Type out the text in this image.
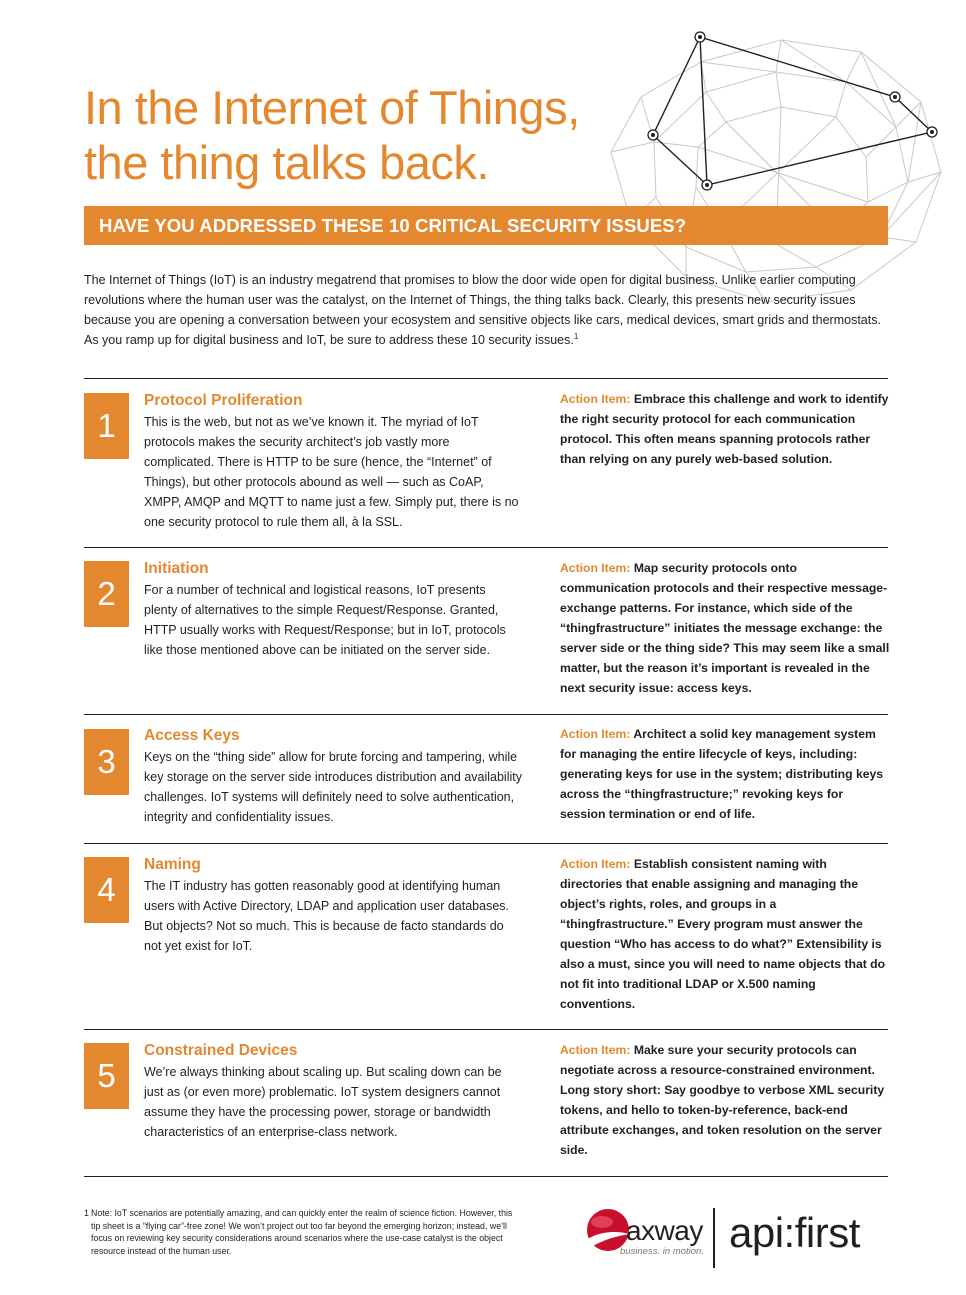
In the Internet of Things,
the thing talks back.
HAVE YOU ADDRESSED THESE 10 CRITICAL SECURITY ISSUES?

The Internet of Things (IoT) is an industry megatrend that promises to blow the door wide open for digital business. Unlike earlier computing revolutions where the human user was the catalyst, on the Internet of Things, the thing talks back. Clearly, this presents new security issues because you are opening a conversation between your ecosystem and sensitive objects like cars, medical devices, smart grids and thermostats. As you ramp up for digital business and IoT, be sure to address these 10 security issues.$^1$

1
Protocol Proliferation

This is the web, but not as we’ve known it. The myriad of IoT protocols makes the security architect’s job vastly more complicated. There is HTTP to be sure (hence, the “Internet” of Things), but other protocols abound as well — such as CoAP, XMPP, AMQP and MQTT to name just a few. Simply put, there is no one security protocol to rule them all, à la SSL.

Action Item: Embrace this challenge and work to identify the right security protocol for each communication protocol. This often means spanning protocols rather than relying on any purely web-based solution.

2
Initiation

For a number of technical and logistical reasons, IoT presents plenty of alternatives to the simple Request/Response. Granted, HTTP usually works with Request/Response; but in IoT, protocols like those mentioned above can be initiated on the server side.

Action Item: Map security protocols onto communication protocols and their respective message-exchange patterns. For instance, which side of the “thingfrastructure” initiates the message exchange: the server side or the thing side? This may seem like a small matter, but the reason it’s important is revealed in the next security issue: access keys.

3
Access Keys

Keys on the “thing side” allow for brute forcing and tampering, while key storage on the server side introduces distribution and availability challenges. IoT systems will definitely need to solve authentication, integrity and confidentiality issues.

Action Item: Architect a solid key management system for managing the entire lifecycle of keys, including: generating keys for use in the system; distributing keys across the “thingfrastructure;” revoking keys for session termination or end of life.

4
Naming

The IT industry has gotten reasonably good at identifying human users with Active Directory, LDAP and application user databases. But objects? Not so much. This is because de facto standards do not yet exist for IoT.

Action Item: Establish consistent naming with directories that enable assigning and managing the object’s rights, roles, and groups in a “thingfrastructure.” Every program must answer the question “Who has access to do what?” Extensibility is also a must, since you will need to name objects that do not fit into traditional LDAP or X.500 naming conventions.

5
Constrained Devices

We’re always thinking about scaling up. But scaling down can be just as (or even more) problematic. IoT system designers cannot assume they have the processing power, storage or bandwidth characteristics of an enterprise-class network.

Action Item: Make sure your security protocols can negotiate across a resource-constrained environment. Long story short: Say goodbye to verbose XML security tokens, and hello to token-by-reference, back-end attribute exchanges, and token resolution on the server side.

1 Note: IoT scenarios are potentially amazing, and can quickly enter the realm of science fiction. However, this tip sheet is a “flying car”-free zone! We won’t project out too far beyond the emerging horizon; instead, we’ll focus on reviewing key security considerations around scenarios where the use-case catalyst is the object resource instead of the human user.
axway
business. in motion. api:first
